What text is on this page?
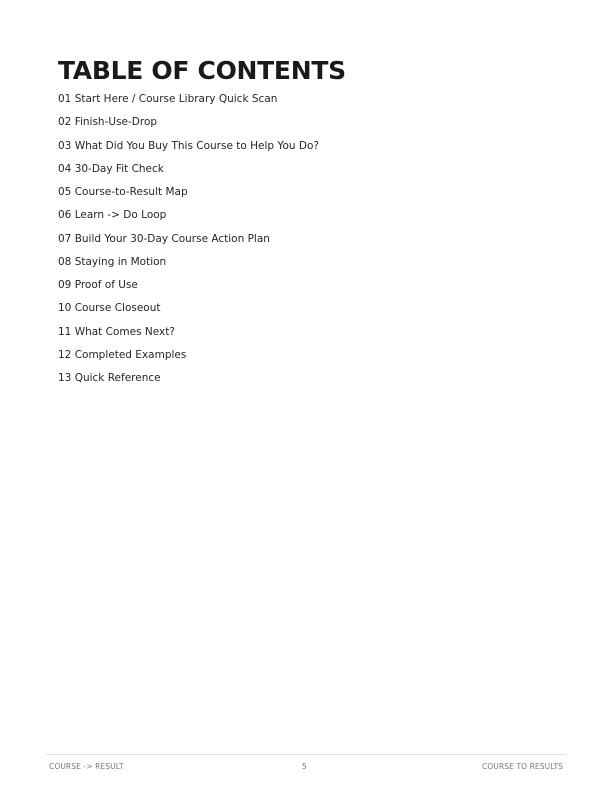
TABLE OF CONTENTS
01 Start Here / Course Library Quick Scan
02 Finish-Use-Drop
03 What Did You Buy This Course to Help You Do?
04 30-Day Fit Check
05 Course-to-Result Map
06 Learn -> Do Loop
07 Build Your 30-Day Course Action Plan
08 Staying in Motion
09 Proof of Use
10 Course Closeout
11 What Comes Next?
12 Completed Examples
13 Quick Reference
COURSE -> RESULT	5	COURSE TO RESULTS
